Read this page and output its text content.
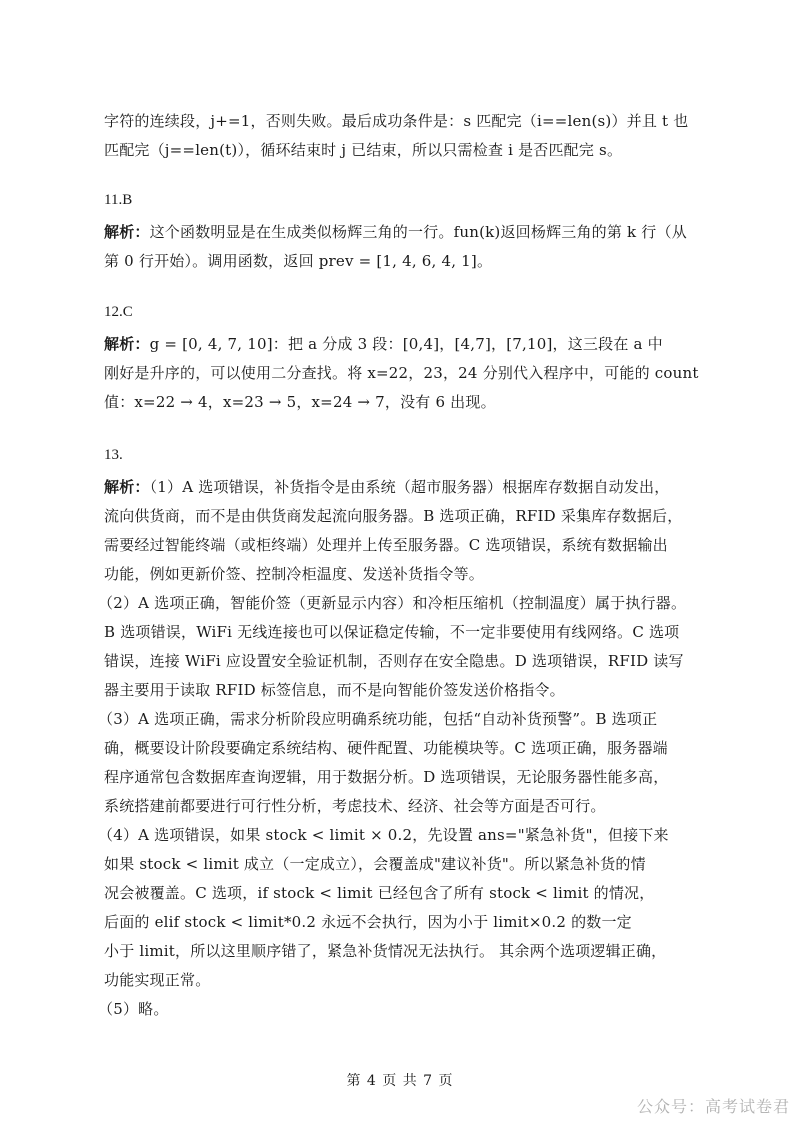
字符的连续段，j+=1，否则失败。最后成功条件是：s 匹配完（i==len(s)）并且 t 也
匹配完（j==len(t)），循环结束时 j 已结束，所以只需检查 i 是否匹配完 s。
11.B
解析：这个函数明显是在生成类似杨辉三角的一行。fun(k)返回杨辉三角的第 k 行（从
第 0 行开始）。调用函数，返回 prev = [1, 4, 6, 4, 1]。
12.C
解析：g = [0, 4, 7, 10]：把 a 分成 3 段：[0,4]，[4,7]，[7,10]，这三段在 a 中
刚好是升序的，可以使用二分查找。将 x=22，23，24 分别代入程序中，可能的 count
值：x=22 → 4，x=23 → 5，x=24 → 7，没有 6 出现。
13.
解析：（1）A 选项错误，补货指令是由系统（超市服务器）根据库存数据自动发出，
流向供货商，而不是由供货商发起流向服务器。B 选项正确，RFID 采集库存数据后，
需要经过智能终端（或柜终端）处理并上传至服务器。C 选项错误，系统有数据输出
功能，例如更新价签、控制冷柜温度、发送补货指令等。
（2）A 选项正确，智能价签（更新显示内容）和冷柜压缩机（控制温度）属于执行器。
B 选项错误，WiFi 无线连接也可以保证稳定传输，不一定非要使用有线网络。C 选项
错误，连接 WiFi 应设置安全验证机制，否则存在安全隐患。D 选项错误，RFID 读写
器主要用于读取 RFID 标签信息，而不是向智能价签发送价格指令。
（3）A 选项正确，需求分析阶段应明确系统功能，包括“自动补货预警”。B 选项正
确，概要设计阶段要确定系统结构、硬件配置、功能模块等。C 选项正确，服务器端
程序通常包含数据库查询逻辑，用于数据分析。D 选项错误，无论服务器性能多高，
系统搭建前都要进行可行性分析，考虑技术、经济、社会等方面是否可行。
（4）A 选项错误，如果 stock < limit × 0.2，先设置 ans="紧急补货"，但接下来
如果 stock < limit 成立（一定成立），会覆盖成"建议补货"。所以紧急补货的情
况会被覆盖。C 选项，if stock < limit 已经包含了所有 stock < limit 的情况，
后面的 elif stock < limit*0.2 永远不会执行，因为小于 limit×0.2 的数一定
小于 limit，所以这里顺序错了，紧急补货情况无法执行。 其余两个选项逻辑正确，
功能实现正常。
（5）略。
第 4 页 共 7 页
公众号：高考试卷君
